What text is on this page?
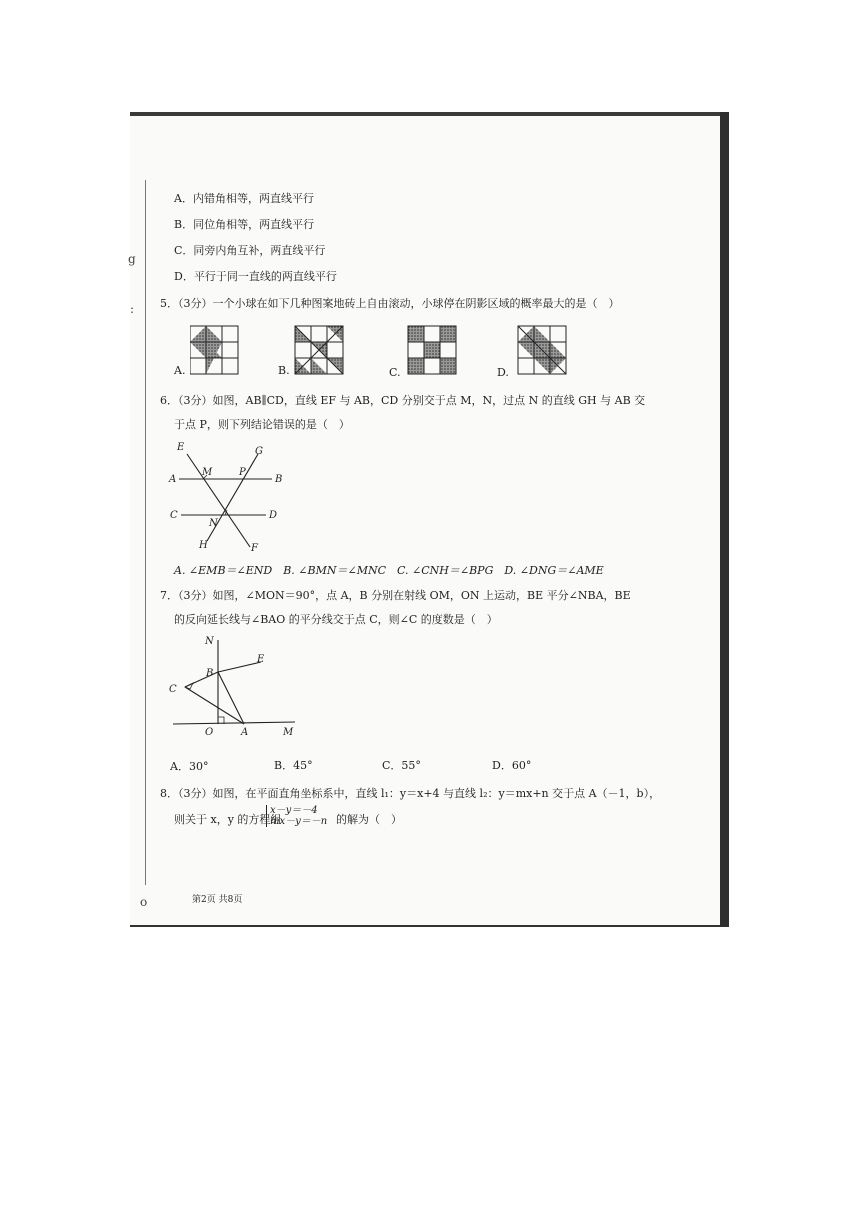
g
:
o
A．内错角相等，两直线平行
B．同位角相等，两直线平行
C．同旁内角互补，两直线平行
D．平行于同一直线的两直线平行
5．（3分）一个小球在如下几种图案地砖上自由滚动，小球停在阴影区域的概率最大的是（　）
A.	B.	C.	D.
6．（3分）如图，AB∥CD，直线 EF 与 AB，CD 分别交于点 M，N，过点 N 的直线 GH 与 AB 交
于点 P，则下列结论错误的是（　）
E
M	P
G
A	B
C
N
D
H	F
A. ∠EMB＝∠END　B. ∠BMN＝∠MNC　C. ∠CNH＝∠BPG　D. ∠DNG＝∠AME
7．（3分）如图，∠MON＝90°，点 A，B 分别在射线 OM，ON 上运动，BE 平分∠NBA，BE
的反向延长线与∠BAO 的平分线交于点 C，则∠C 的度数是（　）
N
B
E
C
O	A	M
A．30°	B．45°	C．55°	D．60°
8．（3分）如图，在平面直角坐标系中，直线 l₁：y＝x+4 与直线 l₂：y＝mx+n 交于点 A（－1，b），
则关于 x，y 的方程组
x－y＝－4
mx－y＝－n 的解为（　）
第2页 共8页
